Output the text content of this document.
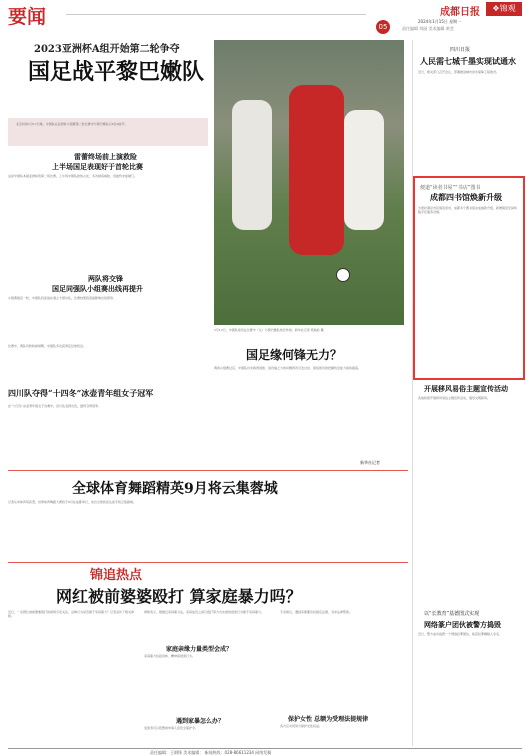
要闻	05
成都日报	❖锦观
2024年1月15日 星期一
责任编辑 刘丽 美术编辑 黄莹
2023亚洲杯A组开始第二轮争夺
国足战平黎巴嫩队
北京时间1月17日晚，中国队在亚洲杯小组赛第二轮比赛中与黎巴嫩队以0比0战平。
雷蕾终场前上演救险
上半场国足表现好于首轮比赛
这是中国队本届亚洲杯的第二场比赛，上半场中国队控球占优，多次制造威胁，但始终未能破门。
两队将交锋
国足同强队小组赛出线再提升
小组赛最后一轮，中国队将迎战东道主卡塔尔队，比赛结果将直接影响出线形势。
1月17日，中国队球员在比赛中（左）与黎巴嫩队球员争抢。新华社记者 郑焕松 摄
国足缘何锋无力？
两场小组赛过后，中国队仍未取得进球，进攻端乏力的问题再次引发讨论。锋线球员的把握机会能力亟待提高。
新华社记者
比赛中，两队攻防转换频繁，中国队多次获得定位球机会。
四川队夺得“十四冬”冰壶青年组女子冠军
在“十四冬”冰壶青年组女子决赛中，四川队发挥出色，最终夺得冠军。
全球体育舞蹈精英9月将云集蓉城
记者从市体育局获悉，世界体育舞蹈大赛将于9月在成都举行，来自全球的顶尖选手将云集蓉城。
锦追热点
网红被前婆婆殴打 算家庭暴力吗？
近日，一名网红被前婆婆殴打的视频引发关注。这种行为是否属于家庭暴力？记者采访了相关律师。
律师表示，根据反家庭暴力法，家庭成员之间以殴打等方式实施的侵害行为属于家庭暴力。
家庭亲缘力量类型会成？
家庭暴力包括身体、精神等侵害行为。
遇到家暴怎么办？
受害者可以报警或申请人身安全保护令。
专家建议，遇到家暴要及时固定证据，寻求法律帮助。	保护女性 总额为受理法提规律
各方应共同努力保护女性权益。
四川日报
人民需七城千墨实现试通水
近日，相关部门召开会议，部署推进城市供水保障工程建设。
便道“读者书屋”“书店”图书
成都四书馆焕新升级
为更好满足市民阅读需求，成都多个图书馆完成焕新升级，新增阅读空间和数字化服务设施。
开展移风易俗主题宣传活动
各地积极开展移风易俗主题宣传活动，倡导文明新风。
以“长教育”基德图式实现
网络篆户团伙被警方捣毁
近日，警方成功捣毁一个网络犯罪团伙，抓获犯罪嫌疑人多名。
责任编辑：王钢锋 美术编辑： 新闻热线：028-86611234 网络发稿
